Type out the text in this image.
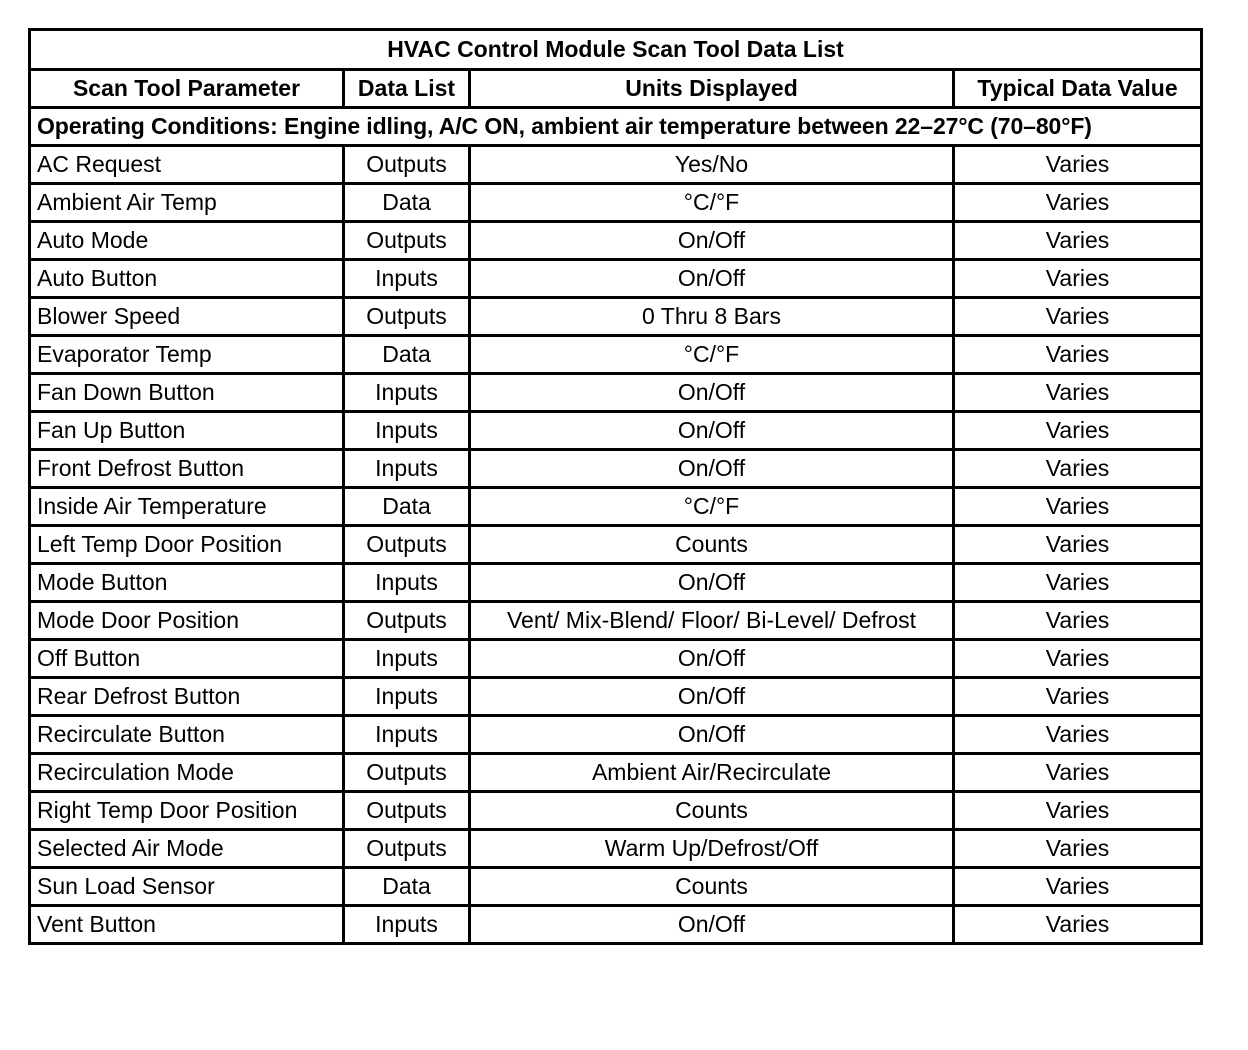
HVAC Control Module Scan Tool Data List			
Scan Tool Parameter	Data List	Units Displayed	Typical Data Value
Operating Conditions: Engine idling, A/C ON, ambient air temperature between 22–27°C (70–80°F)			
AC Request	Outputs	Yes/No	Varies
Ambient Air Temp	Data	°C/°F	Varies
Auto Mode	Outputs	On/Off	Varies
Auto Button	Inputs	On/Off	Varies
Blower Speed	Outputs	0 Thru 8 Bars	Varies
Evaporator Temp	Data	°C/°F	Varies
Fan Down Button	Inputs	On/Off	Varies
Fan Up Button	Inputs	On/Off	Varies
Front Defrost Button	Inputs	On/Off	Varies
Inside Air Temperature	Data	°C/°F	Varies
Left Temp Door Position	Outputs	Counts	Varies
Mode Button	Inputs	On/Off	Varies
Mode Door Position	Outputs	Vent/ Mix-Blend/ Floor/ Bi-Level/ Defrost	Varies
Off Button	Inputs	On/Off	Varies
Rear Defrost Button	Inputs	On/Off	Varies
Recirculate Button	Inputs	On/Off	Varies
Recirculation Mode	Outputs	Ambient Air/Recirculate	Varies
Right Temp Door Position	Outputs	Counts	Varies
Selected Air Mode	Outputs	Warm Up/Defrost/Off	Varies
Sun Load Sensor	Data	Counts	Varies
Vent Button	Inputs	On/Off	Varies
